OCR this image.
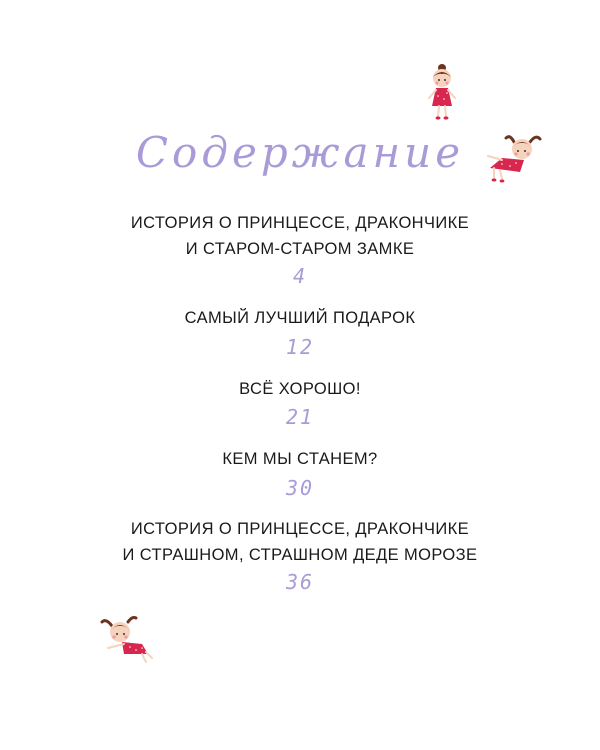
Содержание
ИСТОРИЯ О ПРИНЦЕССЕ, ДРАКОНЧИКЕ
И СТАРОМ-СТАРОМ ЗАМКЕ
4
САМЫЙ ЛУЧШИЙ ПОДАРОК
12
ВСЁ ХОРОШО!
21
КЕМ МЫ СТАНЕМ?
30
ИСТОРИЯ О ПРИНЦЕССЕ, ДРАКОНЧИКЕ
И СТРАШНОМ, СТРАШНОМ ДЕДЕ МОРОЗЕ
36
